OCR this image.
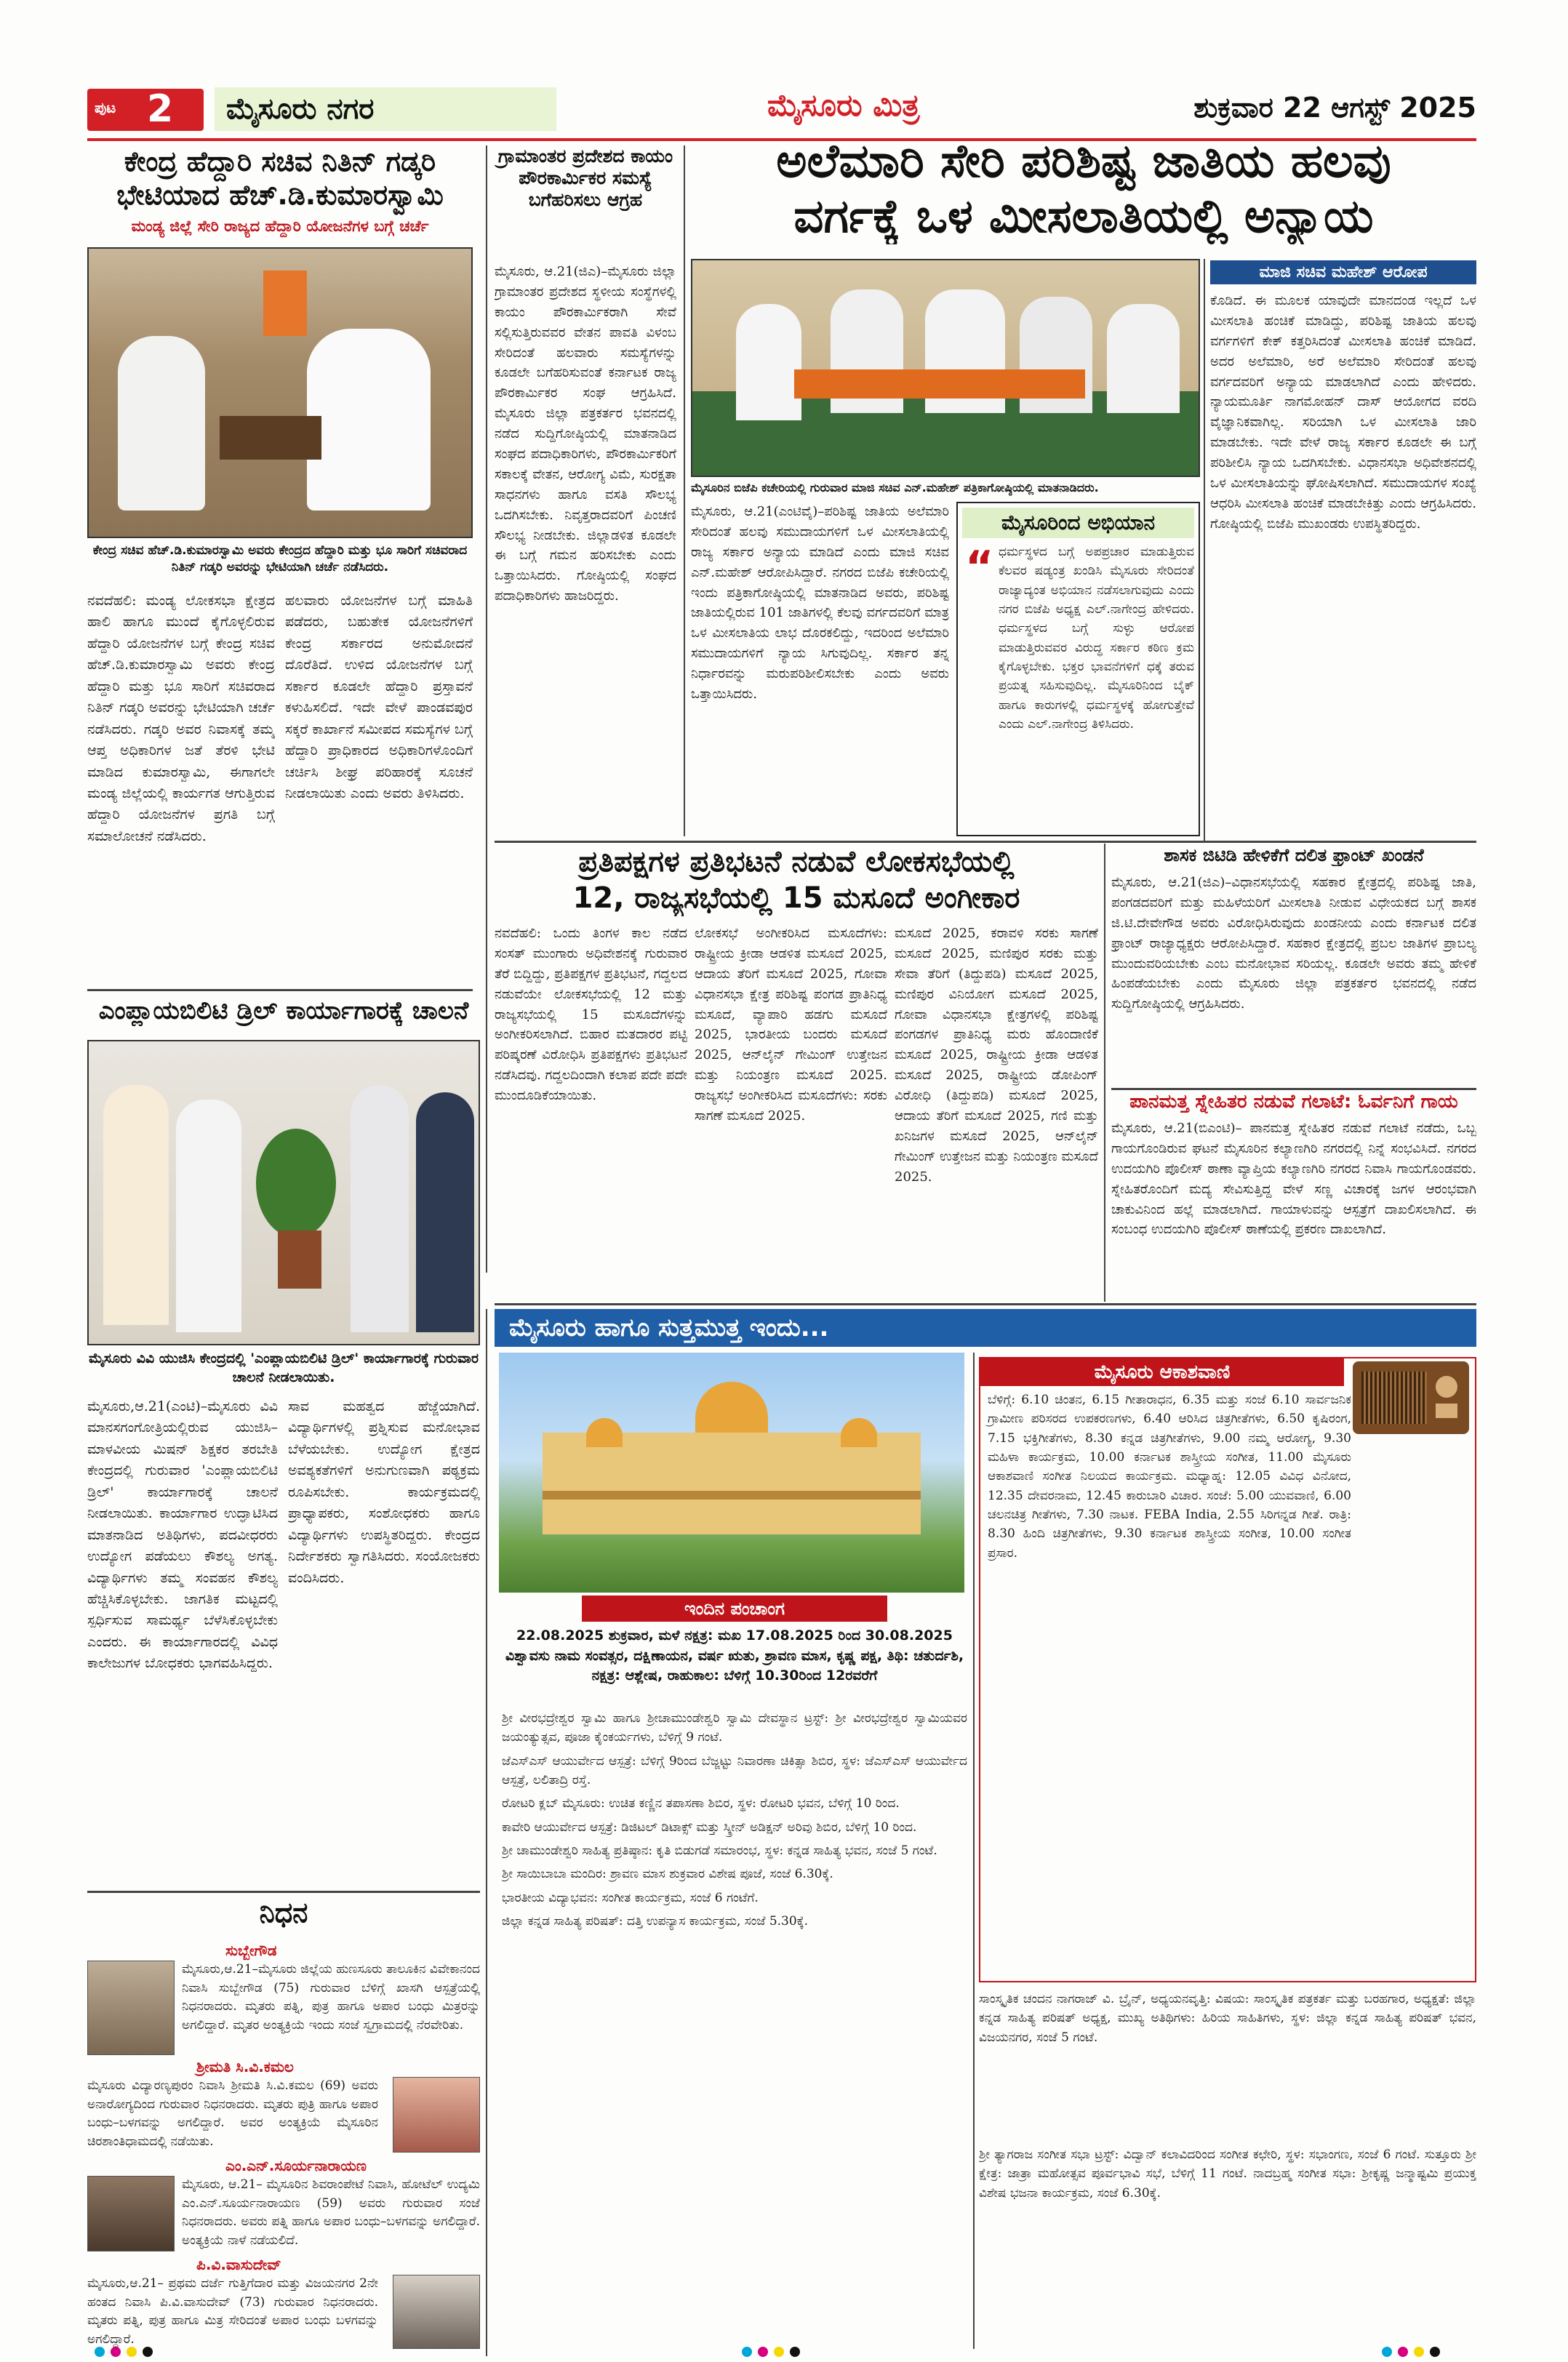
ಪುಟ 2	ಮೈಸೂರು ನಗರ	ಮೈಸೂರು ಮಿತ್ರ	ಶುಕ್ರವಾರ 22 ಆಗಸ್ಟ್ 2025
ಕೇಂದ್ರ ಹೆದ್ದಾರಿ ಸಚಿವ ನಿತಿನ್ ಗಡ್ಕರಿ
ಭೇಟಿಯಾದ ಹೆಚ್.ಡಿ.ಕುಮಾರಸ್ವಾಮಿ
ಮಂಡ್ಯ ಜಿಲ್ಲೆ ಸೇರಿ ರಾಜ್ಯದ ಹೆದ್ದಾರಿ ಯೋಜನೆಗಳ ಬಗ್ಗೆ ಚರ್ಚೆ
ಕೇಂದ್ರ ಸಚಿವ ಹೆಚ್.ಡಿ.ಕುಮಾರಸ್ವಾಮಿ ಅವರು ಕೇಂದ್ರದ ಹೆದ್ದಾರಿ ಮತ್ತು ಭೂ ಸಾರಿಗೆ ಸಚಿವರಾದ ನಿತಿನ್ ಗಡ್ಕರಿ ಅವರನ್ನು ಭೇಟಿಯಾಗಿ ಚರ್ಚೆ ನಡೆಸಿದರು.
ನವದೆಹಲಿ: ಮಂಡ್ಯ ಲೋಕಸಭಾ ಕ್ಷೇತ್ರದ ಹಾಲಿ ಹಾಗೂ ಮುಂದೆ ಕೈಗೊಳ್ಳಲಿರುವ ಹೆದ್ದಾರಿ ಯೋಜನೆಗಳ ಬಗ್ಗೆ ಕೇಂದ್ರ ಸಚಿವ ಹೆಚ್.ಡಿ.ಕುಮಾರಸ್ವಾಮಿ ಅವರು ಕೇಂದ್ರ ಹೆದ್ದಾರಿ ಮತ್ತು ಭೂ ಸಾರಿಗೆ ಸಚಿವರಾದ ನಿತಿನ್ ಗಡ್ಕರಿ ಅವರನ್ನು ಭೇಟಿಯಾಗಿ ಚರ್ಚೆ ನಡೆಸಿದರು. ಗಡ್ಕರಿ ಅವರ ನಿವಾಸಕ್ಕೆ ತಮ್ಮ ಆಪ್ತ ಅಧಿಕಾರಿಗಳ ಜತೆ ತೆರಳಿ ಭೇಟಿ ಮಾಡಿದ ಕುಮಾರಸ್ವಾಮಿ, ಈಗಾಗಲೇ ಮಂಡ್ಯ ಜಿಲ್ಲೆಯಲ್ಲಿ ಕಾರ್ಯಗತ ಆಗುತ್ತಿರುವ ಹೆದ್ದಾರಿ ಯೋಜನೆಗಳ ಪ್ರಗತಿ ಬಗ್ಗೆ ಸಮಾಲೋಚನೆ ನಡೆಸಿದರು.
ಹಲವಾರು ಯೋಜನೆಗಳ ಬಗ್ಗೆ ಮಾಹಿತಿ ಪಡೆದರು, ಬಹುತೇಕ ಯೋಜನೆಗಳಿಗೆ ಕೇಂದ್ರ ಸರ್ಕಾರದ ಅನುಮೋದನೆ ದೊರೆತಿದೆ. ಉಳಿದ ಯೋಜನೆಗಳ ಬಗ್ಗೆ ಸರ್ಕಾರ ಕೂಡಲೇ ಹೆದ್ದಾರಿ ಪ್ರಸ್ತಾವನೆ ಕಳುಹಿಸಲಿದೆ. ಇದೇ ವೇಳೆ ಪಾಂಡವಪುರ ಸಕ್ಕರೆ ಕಾರ್ಖಾನೆ ಸಮೀಪದ ಸಮಸ್ಯೆಗಳ ಬಗ್ಗೆ ಹೆದ್ದಾರಿ ಪ್ರಾಧಿಕಾರದ ಅಧಿಕಾರಿಗಳೊಂದಿಗೆ ಚರ್ಚಿಸಿ ಶೀಘ್ರ ಪರಿಹಾರಕ್ಕೆ ಸೂಚನೆ ನೀಡಲಾಯಿತು ಎಂದು ಅವರು ತಿಳಿಸಿದರು.
ಎಂಪ್ಲಾಯಬಿಲಿಟಿ ಡ್ರಿಲ್ ಕಾರ್ಯಾಗಾರಕ್ಕೆ ಚಾಲನೆ
ಮೈಸೂರು ವಿವಿ ಯುಜಿಸಿ ಕೇಂದ್ರದಲ್ಲಿ 'ಎಂಪ್ಲಾಯಬಿಲಿಟಿ ಡ್ರಿಲ್' ಕಾರ್ಯಾಗಾರಕ್ಕೆ ಗುರುವಾರ ಚಾಲನೆ ನೀಡಲಾಯಿತು.
ಮೈಸೂರು,ಆ.21(ಎಂಟಿ)–ಮೈಸೂರು ವಿವಿ ಮಾನಸಗಂಗೋತ್ರಿಯಲ್ಲಿರುವ ಯುಜಿಸಿ–ಮಾಳವೀಯ ಮಿಷನ್ ಶಿಕ್ಷಕರ ತರಬೇತಿ ಕೇಂದ್ರದಲ್ಲಿ ಗುರುವಾರ 'ಎಂಪ್ಲಾಯಬಿಲಿಟಿ ಡ್ರಿಲ್' ಕಾರ್ಯಾಗಾರಕ್ಕೆ ಚಾಲನೆ ನೀಡಲಾಯಿತು. ಕಾರ್ಯಾಗಾರ ಉದ್ಘಾಟಿಸಿದ ಮಾತನಾಡಿದ ಅತಿಥಿಗಳು, ಪದವೀಧರರು ಉದ್ಯೋಗ ಪಡೆಯಲು ಕೌಶಲ್ಯ ಅಗತ್ಯ. ವಿದ್ಯಾರ್ಥಿಗಳು ತಮ್ಮ ಸಂವಹನ ಕೌಶಲ್ಯ ಹೆಚ್ಚಿಸಿಕೊಳ್ಳಬೇಕು. ಜಾಗತಿಕ ಮಟ್ಟದಲ್ಲಿ ಸ್ಪರ್ಧಿಸುವ ಸಾಮರ್ಥ್ಯ ಬೆಳೆಸಿಕೊಳ್ಳಬೇಕು ಎಂದರು. ಈ ಕಾರ್ಯಾಗಾರದಲ್ಲಿ ವಿವಿಧ ಕಾಲೇಜುಗಳ ಬೋಧಕರು ಭಾಗವಹಿಸಿದ್ದರು.
ಸಾವ ಮಹತ್ವದ ಹೆಜ್ಜೆಯಾಗಿದೆ. ವಿದ್ಯಾರ್ಥಿಗಳಲ್ಲಿ ಪ್ರಶ್ನಿಸುವ ಮನೋಭಾವ ಬೆಳೆಯಬೇಕು. ಉದ್ಯೋಗ ಕ್ಷೇತ್ರದ ಅವಶ್ಯಕತೆಗಳಿಗೆ ಅನುಗುಣವಾಗಿ ಪಠ್ಯಕ್ರಮ ರೂಪಿಸಬೇಕು. ಕಾರ್ಯಕ್ರಮದಲ್ಲಿ ಪ್ರಾಧ್ಯಾಪಕರು, ಸಂಶೋಧಕರು ಹಾಗೂ ವಿದ್ಯಾರ್ಥಿಗಳು ಉಪಸ್ಥಿತರಿದ್ದರು. ಕೇಂದ್ರದ ನಿರ್ದೇಶಕರು ಸ್ವಾಗತಿಸಿದರು. ಸಂಯೋಜಕರು ವಂದಿಸಿದರು.
ನಿಧನ
ಸುಬ್ಬೇಗೌಡ
ಮೈಸೂರು,ಆ.21–ಮೈಸೂರು ಜಿಲ್ಲೆಯ ಹುಣಸೂರು ತಾಲೂಕಿನ ವಿವೇಕಾನಂದ ನಿವಾಸಿ ಸುಬ್ಬೇಗೌಡ (75) ಗುರುವಾರ ಬೆಳಿಗ್ಗೆ ಖಾಸಗಿ ಆಸ್ಪತ್ರೆಯಲ್ಲಿ ನಿಧನರಾದರು. ಮೃತರು ಪತ್ನಿ, ಪುತ್ರ ಹಾಗೂ ಅಪಾರ ಬಂಧು ಮಿತ್ರರನ್ನು ಅಗಲಿದ್ದಾರೆ. ಮೃತರ ಅಂತ್ಯಕ್ರಿಯೆ ಇಂದು ಸಂಜೆ ಸ್ವಗ್ರಾಮದಲ್ಲಿ ನೆರವೇರಿತು.
ಶ್ರೀಮತಿ ಸಿ.ವಿ.ಕಮಲ
ಮೈಸೂರು ವಿದ್ಯಾರಣ್ಯಪುರಂ ನಿವಾಸಿ ಶ್ರೀಮತಿ ಸಿ.ವಿ.ಕಮಲ (69) ಅವರು ಅನಾರೋಗ್ಯದಿಂದ ಗುರುವಾರ ನಿಧನರಾದರು. ಮೃತರು ಪುತ್ರಿ ಹಾಗೂ ಅಪಾರ ಬಂಧು–ಬಳಗವನ್ನು ಅಗಲಿದ್ದಾರೆ. ಅವರ ಅಂತ್ಯಕ್ರಿಯೆ ಮೈಸೂರಿನ ಚಿರಶಾಂತಿಧಾಮದಲ್ಲಿ ನಡೆಯಿತು.
ಎಂ.ಎನ್.ಸೂರ್ಯನಾರಾಯಣ
ಮೈಸೂರು, ಆ.21– ಮೈಸೂರಿನ ಶಿವರಾಂಪೇಟೆ ನಿವಾಸಿ, ಹೋಟೆಲ್ ಉದ್ಯಮಿ ಎಂ.ಎನ್.ಸೂರ್ಯನಾರಾಯಣ (59) ಅವರು ಗುರುವಾರ ಸಂಜೆ ನಿಧನರಾದರು. ಅವರು ಪತ್ನಿ ಹಾಗೂ ಅಪಾರ ಬಂಧು–ಬಳಗವನ್ನು ಅಗಲಿದ್ದಾರೆ. ಅಂತ್ಯಕ್ರಿಯೆ ನಾಳೆ ನಡೆಯಲಿದೆ.
ಪಿ.ವಿ.ವಾಸುದೇವ್
ಮೈಸೂರು,ಆ.21– ಪ್ರಥಮ ದರ್ಜೆ ಗುತ್ತಿಗೆದಾರ ಮತ್ತು ವಿಜಯನಗರ 2ನೇ ಹಂತದ ನಿವಾಸಿ ಪಿ.ವಿ.ವಾಸುದೇವ್ (73) ಗುರುವಾರ ನಿಧನರಾದರು. ಮೃತರು ಪತ್ನಿ, ಪುತ್ರ ಹಾಗೂ ಮಿತ್ರ ಸೇರಿದಂತೆ ಅಪಾರ ಬಂಧು ಬಳಗವನ್ನು ಅಗಲಿದ್ದಾರೆ.
ಗ್ರಾಮಾಂತರ ಪ್ರದೇಶದ ಕಾಯಂ ಪೌರಕಾರ್ಮಿಕರ ಸಮಸ್ಯೆ ಬಗೆಹರಿಸಲು ಆಗ್ರಹ
ಮೈಸೂರು, ಆ.21(ಜಿಎ)–ಮೈಸೂರು ಜಿಲ್ಲಾ ಗ್ರಾಮಾಂತರ ಪ್ರದೇಶದ ಸ್ಥಳೀಯ ಸಂಸ್ಥೆಗಳಲ್ಲಿ ಕಾಯಂ ಪೌರಕಾರ್ಮಿಕರಾಗಿ ಸೇವೆ ಸಲ್ಲಿಸುತ್ತಿರುವವರ ವೇತನ ಪಾವತಿ ವಿಳಂಬ ಸೇರಿದಂತೆ ಹಲವಾರು ಸಮಸ್ಯೆಗಳನ್ನು ಕೂಡಲೇ ಬಗೆಹರಿಸುವಂತೆ ಕರ್ನಾಟಕ ರಾಜ್ಯ ಪೌರಕಾರ್ಮಿಕರ ಸಂಘ ಆಗ್ರಹಿಸಿದೆ. ಮೈಸೂರು ಜಿಲ್ಲಾ ಪತ್ರಕರ್ತರ ಭವನದಲ್ಲಿ ನಡೆದ ಸುದ್ದಿಗೋಷ್ಠಿಯಲ್ಲಿ ಮಾತನಾಡಿದ ಸಂಘದ ಪದಾಧಿಕಾರಿಗಳು, ಪೌರಕಾರ್ಮಿಕರಿಗೆ ಸಕಾಲಕ್ಕೆ ವೇತನ, ಆರೋಗ್ಯ ವಿಮೆ, ಸುರಕ್ಷತಾ ಸಾಧನಗಳು ಹಾಗೂ ವಸತಿ ಸೌಲಭ್ಯ ಒದಗಿಸಬೇಕು. ನಿವೃತ್ತರಾದವರಿಗೆ ಪಿಂಚಣಿ ಸೌಲಭ್ಯ ನೀಡಬೇಕು. ಜಿಲ್ಲಾಡಳಿತ ಕೂಡಲೇ ಈ ಬಗ್ಗೆ ಗಮನ ಹರಿಸಬೇಕು ಎಂದು ಒತ್ತಾಯಿಸಿದರು. ಗೋಷ್ಠಿಯಲ್ಲಿ ಸಂಘದ ಪದಾಧಿಕಾರಿಗಳು ಹಾಜರಿದ್ದರು.
ಅಲೆಮಾರಿ ಸೇರಿ ಪರಿಶಿಷ್ಟ ಜಾತಿಯ ಹಲವು
ವರ್ಗಕ್ಕೆ ಒಳ ಮೀಸಲಾತಿಯಲ್ಲಿ ಅನ್ಯಾಯ
ಮೈಸೂರಿನ ಬಿಜೆಪಿ ಕಚೇರಿಯಲ್ಲಿ ಗುರುವಾರ ಮಾಜಿ ಸಚಿವ ಎನ್.ಮಹೇಶ್ ಪತ್ರಿಕಾಗೋಷ್ಠಿಯಲ್ಲಿ ಮಾತನಾಡಿದರು.
ಮಾಜಿ ಸಚಿವ ಮಹೇಶ್ ಆರೋಪ
ಕೊಡಿದೆ. ಈ ಮೂಲಕ ಯಾವುದೇ ಮಾನದಂಡ ಇಲ್ಲದೆ ಒಳ ಮೀಸಲಾತಿ ಹಂಚಿಕೆ ಮಾಡಿದ್ದು, ಪರಿಶಿಷ್ಟ ಜಾತಿಯ ಹಲವು ವರ್ಗಗಳಿಗೆ ಕೇಕ್ ಕತ್ತರಿಸಿದಂತೆ ಮೀಸಲಾತಿ ಹಂಚಿಕೆ ಮಾಡಿದೆ. ಅದರ ಅಲೆಮಾರಿ, ಅರೆ ಅಲೆಮಾರಿ ಸೇರಿದಂತೆ ಹಲವು ವರ್ಗದವರಿಗೆ ಅನ್ಯಾಯ ಮಾಡಲಾಗಿದೆ ಎಂದು ಹೇಳಿದರು. ನ್ಯಾಯಮೂರ್ತಿ ನಾಗಮೋಹನ್ ದಾಸ್ ಆಯೋಗದ ವರದಿ ವೈಜ್ಞಾನಿಕವಾಗಿಲ್ಲ. ಸರಿಯಾಗಿ ಒಳ ಮೀಸಲಾತಿ ಜಾರಿ ಮಾಡಬೇಕು. ಇದೇ ವೇಳೆ ರಾಜ್ಯ ಸರ್ಕಾರ ಕೂಡಲೇ ಈ ಬಗ್ಗೆ ಪರಿಶೀಲಿಸಿ ನ್ಯಾಯ ಒದಗಿಸಬೇಕು. ವಿಧಾನಸಭಾ ಅಧಿವೇಶನದಲ್ಲಿ ಒಳ ಮೀಸಲಾತಿಯನ್ನು ಘೋಷಿಸಲಾಗಿದೆ. ಸಮುದಾಯಗಳ ಸಂಖ್ಯೆ ಆಧರಿಸಿ ಮೀಸಲಾತಿ ಹಂಚಿಕೆ ಮಾಡಬೇಕಿತ್ತು ಎಂದು ಆಗ್ರಹಿಸಿದರು. ಗೋಷ್ಠಿಯಲ್ಲಿ ಬಿಜೆಪಿ ಮುಖಂಡರು ಉಪಸ್ಥಿತರಿದ್ದರು.
ಮೈಸೂರು, ಆ.21(ಎಂಟಿವೈ)–ಪರಿಶಿಷ್ಟ ಜಾತಿಯ ಅಲೆಮಾರಿ ಸೇರಿದಂತೆ ಹಲವು ಸಮುದಾಯಗಳಿಗೆ ಒಳ ಮೀಸಲಾತಿಯಲ್ಲಿ ರಾಜ್ಯ ಸರ್ಕಾರ ಅನ್ಯಾಯ ಮಾಡಿದೆ ಎಂದು ಮಾಜಿ ಸಚಿವ ಎನ್.ಮಹೇಶ್ ಆರೋಪಿಸಿದ್ದಾರೆ. ನಗರದ ಬಿಜೆಪಿ ಕಚೇರಿಯಲ್ಲಿ ಇಂದು ಪತ್ರಿಕಾಗೋಷ್ಠಿಯಲ್ಲಿ ಮಾತನಾಡಿದ ಅವರು, ಪರಿಶಿಷ್ಟ ಜಾತಿಯಲ್ಲಿರುವ 101 ಜಾತಿಗಳಲ್ಲಿ ಕೆಲವು ವರ್ಗದವರಿಗೆ ಮಾತ್ರ ಒಳ ಮೀಸಲಾತಿಯ ಲಾಭ ದೊರಕಲಿದ್ದು, ಇದರಿಂದ ಅಲೆಮಾರಿ ಸಮುದಾಯಗಳಿಗೆ ನ್ಯಾಯ ಸಿಗುವುದಿಲ್ಲ. ಸರ್ಕಾರ ತನ್ನ ನಿರ್ಧಾರವನ್ನು ಮರುಪರಿಶೀಲಿಸಬೇಕು ಎಂದು ಅವರು ಒತ್ತಾಯಿಸಿದರು.
ಮೈಸೂರಿಂದ ಅಭಿಯಾನ
“ ಧರ್ಮಸ್ಥಳದ ಬಗ್ಗೆ ಅಪಪ್ರಚಾರ ಮಾಡುತ್ತಿರುವ ಕೆಲವರ ಷಡ್ಯಂತ್ರ ಖಂಡಿಸಿ ಮೈಸೂರು ಸೇರಿದಂತೆ ರಾಜ್ಯಾದ್ಯಂತ ಅಭಿಯಾನ ನಡೆಸಲಾಗುವುದು ಎಂದು ನಗರ ಬಿಜೆಪಿ ಅಧ್ಯಕ್ಷ ಎಲ್.ನಾಗೇಂದ್ರ ಹೇಳಿದರು. ಧರ್ಮಸ್ಥಳದ ಬಗ್ಗೆ ಸುಳ್ಳು ಆರೋಪ ಮಾಡುತ್ತಿರುವವರ ವಿರುದ್ಧ ಸರ್ಕಾರ ಕಠಿಣ ಕ್ರಮ ಕೈಗೊಳ್ಳಬೇಕು. ಭಕ್ತರ ಭಾವನೆಗಳಿಗೆ ಧಕ್ಕೆ ತರುವ ಪ್ರಯತ್ನ ಸಹಿಸುವುದಿಲ್ಲ. ಮೈಸೂರಿನಿಂದ ಬೈಕ್ ಹಾಗೂ ಕಾರುಗಳಲ್ಲಿ ಧರ್ಮಸ್ಥಳಕ್ಕೆ ಹೋಗುತ್ತೇವೆ ಎಂದು ಎಲ್.ನಾಗೇಂದ್ರ ತಿಳಿಸಿದರು.
ಪ್ರತಿಪಕ್ಷಗಳ ಪ್ರತಿಭಟನೆ ನಡುವೆ ಲೋಕಸಭೆಯಲ್ಲಿ
12, ರಾಜ್ಯಸಭೆಯಲ್ಲಿ 15 ಮಸೂದೆ ಅಂಗೀಕಾರ
ನವದೆಹಲಿ: ಒಂದು ತಿಂಗಳ ಕಾಲ ನಡೆದ ಸಂಸತ್ ಮುಂಗಾರು ಅಧಿವೇಶನಕ್ಕೆ ಗುರುವಾರ ತೆರೆ ಬಿದ್ದಿದ್ದು, ಪ್ರತಿಪಕ್ಷಗಳ ಪ್ರತಿಭಟನೆ, ಗದ್ದಲದ ನಡುವೆಯೇ ಲೋಕಸಭೆಯಲ್ಲಿ 12 ಮತ್ತು ರಾಜ್ಯಸಭೆಯಲ್ಲಿ 15 ಮಸೂದೆಗಳನ್ನು ಅಂಗೀಕರಿಸಲಾಗಿದೆ. ಬಿಹಾರ ಮತದಾರರ ಪಟ್ಟಿ ಪರಿಷ್ಕರಣೆ ವಿರೋಧಿಸಿ ಪ್ರತಿಪಕ್ಷಗಳು ಪ್ರತಿಭಟನೆ ನಡೆಸಿದವು. ಗದ್ದಲದಿಂದಾಗಿ ಕಲಾಪ ಪದೇ ಪದೇ ಮುಂದೂಡಿಕೆಯಾಯಿತು.
ಲೋಕಸಭೆ ಅಂಗೀಕರಿಸಿದ ಮಸೂದೆಗಳು: ರಾಷ್ಟ್ರೀಯ ಕ್ರೀಡಾ ಆಡಳಿತ ಮಸೂದೆ 2025, ಆದಾಯ ತೆರಿಗೆ ಮಸೂದೆ 2025, ಗೋವಾ ವಿಧಾನಸಭಾ ಕ್ಷೇತ್ರ ಪರಿಶಿಷ್ಟ ಪಂಗಡ ಪ್ರಾತಿನಿಧ್ಯ ಮಸೂದೆ, ವ್ಯಾಪಾರಿ ಹಡಗು ಮಸೂದೆ 2025, ಭಾರತೀಯ ಬಂದರು ಮಸೂದೆ 2025, ಆನ್‌ಲೈನ್ ಗೇಮಿಂಗ್ ಉತ್ತೇಜನ ಮತ್ತು ನಿಯಂತ್ರಣ ಮಸೂದೆ 2025. ರಾಜ್ಯಸಭೆ ಅಂಗೀಕರಿಸಿದ ಮಸೂದೆಗಳು: ಸರಕು ಸಾಗಣೆ ಮಸೂದೆ 2025.
ಮಸೂದೆ 2025, ಕರಾವಳಿ ಸರಕು ಸಾಗಣೆ ಮಸೂದೆ 2025, ಮಣಿಪುರ ಸರಕು ಮತ್ತು ಸೇವಾ ತೆರಿಗೆ (ತಿದ್ದುಪಡಿ) ಮಸೂದೆ 2025, ಮಣಿಪುರ ವಿನಿಯೋಗ ಮಸೂದೆ 2025, ಗೋವಾ ವಿಧಾನಸಭಾ ಕ್ಷೇತ್ರಗಳಲ್ಲಿ ಪರಿಶಿಷ್ಟ ಪಂಗಡಗಳ ಪ್ರಾತಿನಿಧ್ಯ ಮರು ಹೊಂದಾಣಿಕೆ ಮಸೂದೆ 2025, ರಾಷ್ಟ್ರೀಯ ಕ್ರೀಡಾ ಆಡಳಿತ ಮಸೂದೆ 2025, ರಾಷ್ಟ್ರೀಯ ಡೋಪಿಂಗ್ ವಿರೋಧಿ (ತಿದ್ದುಪಡಿ) ಮಸೂದೆ 2025, ಆದಾಯ ತೆರಿಗೆ ಮಸೂದೆ 2025, ಗಣಿ ಮತ್ತು ಖನಿಜಗಳ ಮಸೂದೆ 2025, ಆನ್‌ಲೈನ್ ಗೇಮಿಂಗ್ ಉತ್ತೇಜನ ಮತ್ತು ನಿಯಂತ್ರಣ ಮಸೂದೆ 2025.
ಶಾಸಕ ಜಿಟಿಡಿ ಹೇಳಿಕೆಗೆ ದಲಿತ ಫ್ರಾಂಟ್ ಖಂಡನೆ
ಮೈಸೂರು, ಆ.21(ಜಿಎ)–ವಿಧಾನಸಭೆಯಲ್ಲಿ ಸಹಕಾರ ಕ್ಷೇತ್ರದಲ್ಲಿ ಪರಿಶಿಷ್ಟ ಜಾತಿ, ಪಂಗಡದವರಿಗೆ ಮತ್ತು ಮಹಿಳೆಯರಿಗೆ ಮೀಸಲಾತಿ ನೀಡುವ ವಿಧೇಯಕದ ಬಗ್ಗೆ ಶಾಸಕ ಜಿ.ಟಿ.ದೇವೇಗೌಡ ಅವರು ವಿರೋಧಿಸಿರುವುದು ಖಂಡನೀಯ ಎಂದು ಕರ್ನಾಟಕ ದಲಿತ ಫ್ರಾಂಟ್ ರಾಜ್ಯಾಧ್ಯಕ್ಷರು ಆರೋಪಿಸಿದ್ದಾರೆ. ಸಹಕಾರ ಕ್ಷೇತ್ರದಲ್ಲಿ ಪ್ರಬಲ ಜಾತಿಗಳ ಪ್ರಾಬಲ್ಯ ಮುಂದುವರಿಯಬೇಕು ಎಂಬ ಮನೋಭಾವ ಸರಿಯಲ್ಲ. ಕೂಡಲೇ ಅವರು ತಮ್ಮ ಹೇಳಿಕೆ ಹಿಂಪಡೆಯಬೇಕು ಎಂದು ಮೈಸೂರು ಜಿಲ್ಲಾ ಪತ್ರಕರ್ತರ ಭವನದಲ್ಲಿ ನಡೆದ ಸುದ್ದಿಗೋಷ್ಠಿಯಲ್ಲಿ ಆಗ್ರಹಿಸಿದರು.
ಪಾನಮತ್ತ ಸ್ನೇಹಿತರ ನಡುವೆ ಗಲಾಟೆ: ಓರ್ವನಿಗೆ ಗಾಯ
ಮೈಸೂರು, ಆ.21(ಬಿಎಂಟಿ)– ಪಾನಮತ್ತ ಸ್ನೇಹಿತರ ನಡುವೆ ಗಲಾಟೆ ನಡೆದು, ಒಬ್ಬ ಗಾಯಗೊಂಡಿರುವ ಘಟನೆ ಮೈಸೂರಿನ ಕಲ್ಯಾಣಗಿರಿ ನಗರದಲ್ಲಿ ನಿನ್ನೆ ಸಂಭವಿಸಿದೆ. ನಗರದ ಉದಯಗಿರಿ ಪೊಲೀಸ್ ಠಾಣಾ ವ್ಯಾಪ್ತಿಯ ಕಲ್ಯಾಣಗಿರಿ ನಗರದ ನಿವಾಸಿ ಗಾಯಗೊಂಡವರು. ಸ್ನೇಹಿತರೊಂದಿಗೆ ಮದ್ಯ ಸೇವಿಸುತ್ತಿದ್ದ ವೇಳೆ ಸಣ್ಣ ವಿಚಾರಕ್ಕೆ ಜಗಳ ಆರಂಭವಾಗಿ ಚಾಕುವಿನಿಂದ ಹಲ್ಲೆ ಮಾಡಲಾಗಿದೆ. ಗಾಯಾಳುವನ್ನು ಆಸ್ಪತ್ರೆಗೆ ದಾಖಲಿಸಲಾಗಿದೆ. ಈ ಸಂಬಂಧ ಉದಯಗಿರಿ ಪೊಲೀಸ್ ಠಾಣೆಯಲ್ಲಿ ಪ್ರಕರಣ ದಾಖಲಾಗಿದೆ.
ಮೈಸೂರು ಹಾಗೂ ಸುತ್ತಮುತ್ತ ಇಂದು...
ಇಂದಿನ ಪಂಚಾಂಗ
22.08.2025 ಶುಕ್ರವಾರ, ಮಳೆ ನಕ್ಷತ್ರ: ಮಖ 17.08.2025 ರಿಂದ 30.08.2025 ವಿಶ್ವಾವಸು ನಾಮ ಸಂವತ್ಸರ, ದಕ್ಷಿಣಾಯನ, ವರ್ಷ ಋತು, ಶ್ರಾವಣ ಮಾಸ, ಕೃಷ್ಣ ಪಕ್ಷ, ತಿಥಿ: ಚತುರ್ದಶಿ, ನಕ್ಷತ್ರ: ಆಶ್ಲೇಷ, ರಾಹುಕಾಲ: ಬೆಳಿಗ್ಗೆ 10.30ರಿಂದ 12ರವರೆಗೆ
ಶ್ರೀ ವೀರಭದ್ರೇಶ್ವರ ಸ್ವಾಮಿ ಹಾಗೂ ಶ್ರೀಚಾಮುಂಡೇಶ್ವರಿ ಸ್ವಾಮಿ ದೇವಸ್ಥಾನ ಟ್ರಸ್ಟ್: ಶ್ರೀ ವೀರಭದ್ರೇಶ್ವರ ಸ್ವಾಮಿಯವರ ಜಯಂತ್ಯುತ್ಸವ, ಪೂಜಾ ಕೈಂಕರ್ಯಗಳು, ಬೆಳಿಗ್ಗೆ 9 ಗಂಟೆ.
ಜೆಎಸ್‌ಎಸ್ ಆಯುರ್ವೇದ ಆಸ್ಪತ್ರೆ: ಬೆಳಿಗ್ಗೆ 9ರಿಂದ ಬೆಜ್ಜಟ್ಟು ನಿವಾರಣಾ ಚಿಕಿತ್ಸಾ ಶಿಬಿರ, ಸ್ಥಳ: ಜೆಎಸ್‌ಎಸ್ ಆಯುರ್ವೇದ ಆಸ್ಪತ್ರೆ, ಲಲಿತಾದ್ರಿ ರಸ್ತೆ.
ರೋಟರಿ ಕ್ಲಬ್ ಮೈಸೂರು: ಉಚಿತ ಕಣ್ಣಿನ ತಪಾಸಣಾ ಶಿಬಿರ, ಸ್ಥಳ: ರೋಟರಿ ಭವನ, ಬೆಳಿಗ್ಗೆ 10 ರಿಂದ.
ಕಾವೇರಿ ಆಯುರ್ವೇದ ಆಸ್ಪತ್ರೆ: ಡಿಜಿಟಲ್ ಡಿಟಾಕ್ಸ್ ಮತ್ತು ಸ್ಕ್ರೀನ್ ಅಡಿಕ್ಷನ್ ಅರಿವು ಶಿಬಿರ, ಬೆಳಿಗ್ಗೆ 10 ರಿಂದ.
ಶ್ರೀ ಚಾಮುಂಡೇಶ್ವರಿ ಸಾಹಿತ್ಯ ಪ್ರತಿಷ್ಠಾನ: ಕೃತಿ ಬಿಡುಗಡೆ ಸಮಾರಂಭ, ಸ್ಥಳ: ಕನ್ನಡ ಸಾಹಿತ್ಯ ಭವನ, ಸಂಜೆ 5 ಗಂಟೆ.
ಶ್ರೀ ಸಾಯಿಬಾಬಾ ಮಂದಿರ: ಶ್ರಾವಣ ಮಾಸ ಶುಕ್ರವಾರ ವಿಶೇಷ ಪೂಜೆ, ಸಂಜೆ 6.30ಕ್ಕೆ.
ಭಾರತೀಯ ವಿದ್ಯಾಭವನ: ಸಂಗೀತ ಕಾರ್ಯಕ್ರಮ, ಸಂಜೆ 6 ಗಂಟೆಗೆ.
ಜಿಲ್ಲಾ ಕನ್ನಡ ಸಾಹಿತ್ಯ ಪರಿಷತ್: ದತ್ತಿ ಉಪನ್ಯಾಸ ಕಾರ್ಯಕ್ರಮ, ಸಂಜೆ 5.30ಕ್ಕೆ.
ಮೈಸೂರು ಆಕಾಶವಾಣಿ
ಬೆಳಿಗ್ಗೆ: 6.10 ಚಿಂತನ, 6.15 ಗೀತಾರಾಧನ, 6.35 ಮತ್ತು ಸಂಜೆ 6.10 ಸಾರ್ವಜನಿಕ ಗ್ರಾಮೀಣ ಪರಿಸರದ ಉಪಕರಣಗಳು, 6.40 ಆರಿಸಿದ ಚಿತ್ರಗೀತೆಗಳು, 6.50 ಕೃಷಿರಂಗ, 7.15 ಭಕ್ತಿಗೀತೆಗಳು, 8.30 ಕನ್ನಡ ಚಿತ್ರಗೀತೆಗಳು, 9.00 ನಮ್ಮ ಆರೋಗ್ಯ, 9.30 ಮಹಿಳಾ ಕಾರ್ಯಕ್ರಮ, 10.00 ಕರ್ನಾಟಕ ಶಾಸ್ತ್ರೀಯ ಸಂಗೀತ, 11.00 ಮೈಸೂರು ಆಕಾಶವಾಣಿ ಸಂಗೀತ ನಿಲಯದ ಕಾರ್ಯಕ್ರಮ. ಮಧ್ಯಾಹ್ನ: 12.05 ವಿವಿಧ ವಿನೋದ, 12.35 ದೇವರನಾಮ, 12.45 ಕಾರುಬಾರಿ ವಿಚಾರ. ಸಂಜೆ: 5.00 ಯುವವಾಣಿ, 6.00 ಚಲನಚಿತ್ರ ಗೀತೆಗಳು, 7.30 ನಾಟಕ. FEBA India, 2.55 ಸಿರಿಗನ್ನಡ ಗೀತೆ. ರಾತ್ರಿ: 8.30 ಹಿಂದಿ ಚಿತ್ರಗೀತೆಗಳು, 9.30 ಕರ್ನಾಟಕ ಶಾಸ್ತ್ರೀಯ ಸಂಗೀತ, 10.00 ಸಂಗೀತ ಪ್ರಸಾರ.
ಸಾಂಸ್ಕೃತಿಕ ಚಂದನ ನಾಗರಾಜ್ ವಿ. ಬ್ರೈನ್, ಅಧ್ಯಯನವೃತ್ತಿ: ವಿಷಯ: ಸಾಂಸ್ಕೃತಿಕ ಪತ್ರಕರ್ತ ಮತ್ತು ಬರಹಗಾರ, ಅಧ್ಯಕ್ಷತೆ: ಜಿಲ್ಲಾ ಕನ್ನಡ ಸಾಹಿತ್ಯ ಪರಿಷತ್ ಅಧ್ಯಕ್ಷ, ಮುಖ್ಯ ಅತಿಥಿಗಳು: ಹಿರಿಯ ಸಾಹಿತಿಗಳು, ಸ್ಥಳ: ಜಿಲ್ಲಾ ಕನ್ನಡ ಸಾಹಿತ್ಯ ಪರಿಷತ್ ಭವನ, ವಿಜಯನಗರ, ಸಂಜೆ 5 ಗಂಟೆ.
ಶ್ರೀ ತ್ಯಾಗರಾಜ ಸಂಗೀತ ಸಭಾ ಟ್ರಸ್ಟ್: ವಿದ್ವಾನ್ ಕಲಾವಿದರಿಂದ ಸಂಗೀತ ಕಛೇರಿ, ಸ್ಥಳ: ಸಭಾಂಗಣ, ಸಂಜೆ 6 ಗಂಟೆ. ಸುತ್ತೂರು ಶ್ರೀ ಕ್ಷೇತ್ರ: ಜಾತ್ರಾ ಮಹೋತ್ಸವ ಪೂರ್ವಭಾವಿ ಸಭೆ, ಬೆಳಿಗ್ಗೆ 11 ಗಂಟೆ. ನಾದಬ್ರಹ್ಮ ಸಂಗೀತ ಸಭಾ: ಶ್ರೀಕೃಷ್ಣ ಜನ್ಮಾಷ್ಟಮಿ ಪ್ರಯುಕ್ತ ವಿಶೇಷ ಭಜನಾ ಕಾರ್ಯಕ್ರಮ, ಸಂಜೆ 6.30ಕ್ಕೆ.
